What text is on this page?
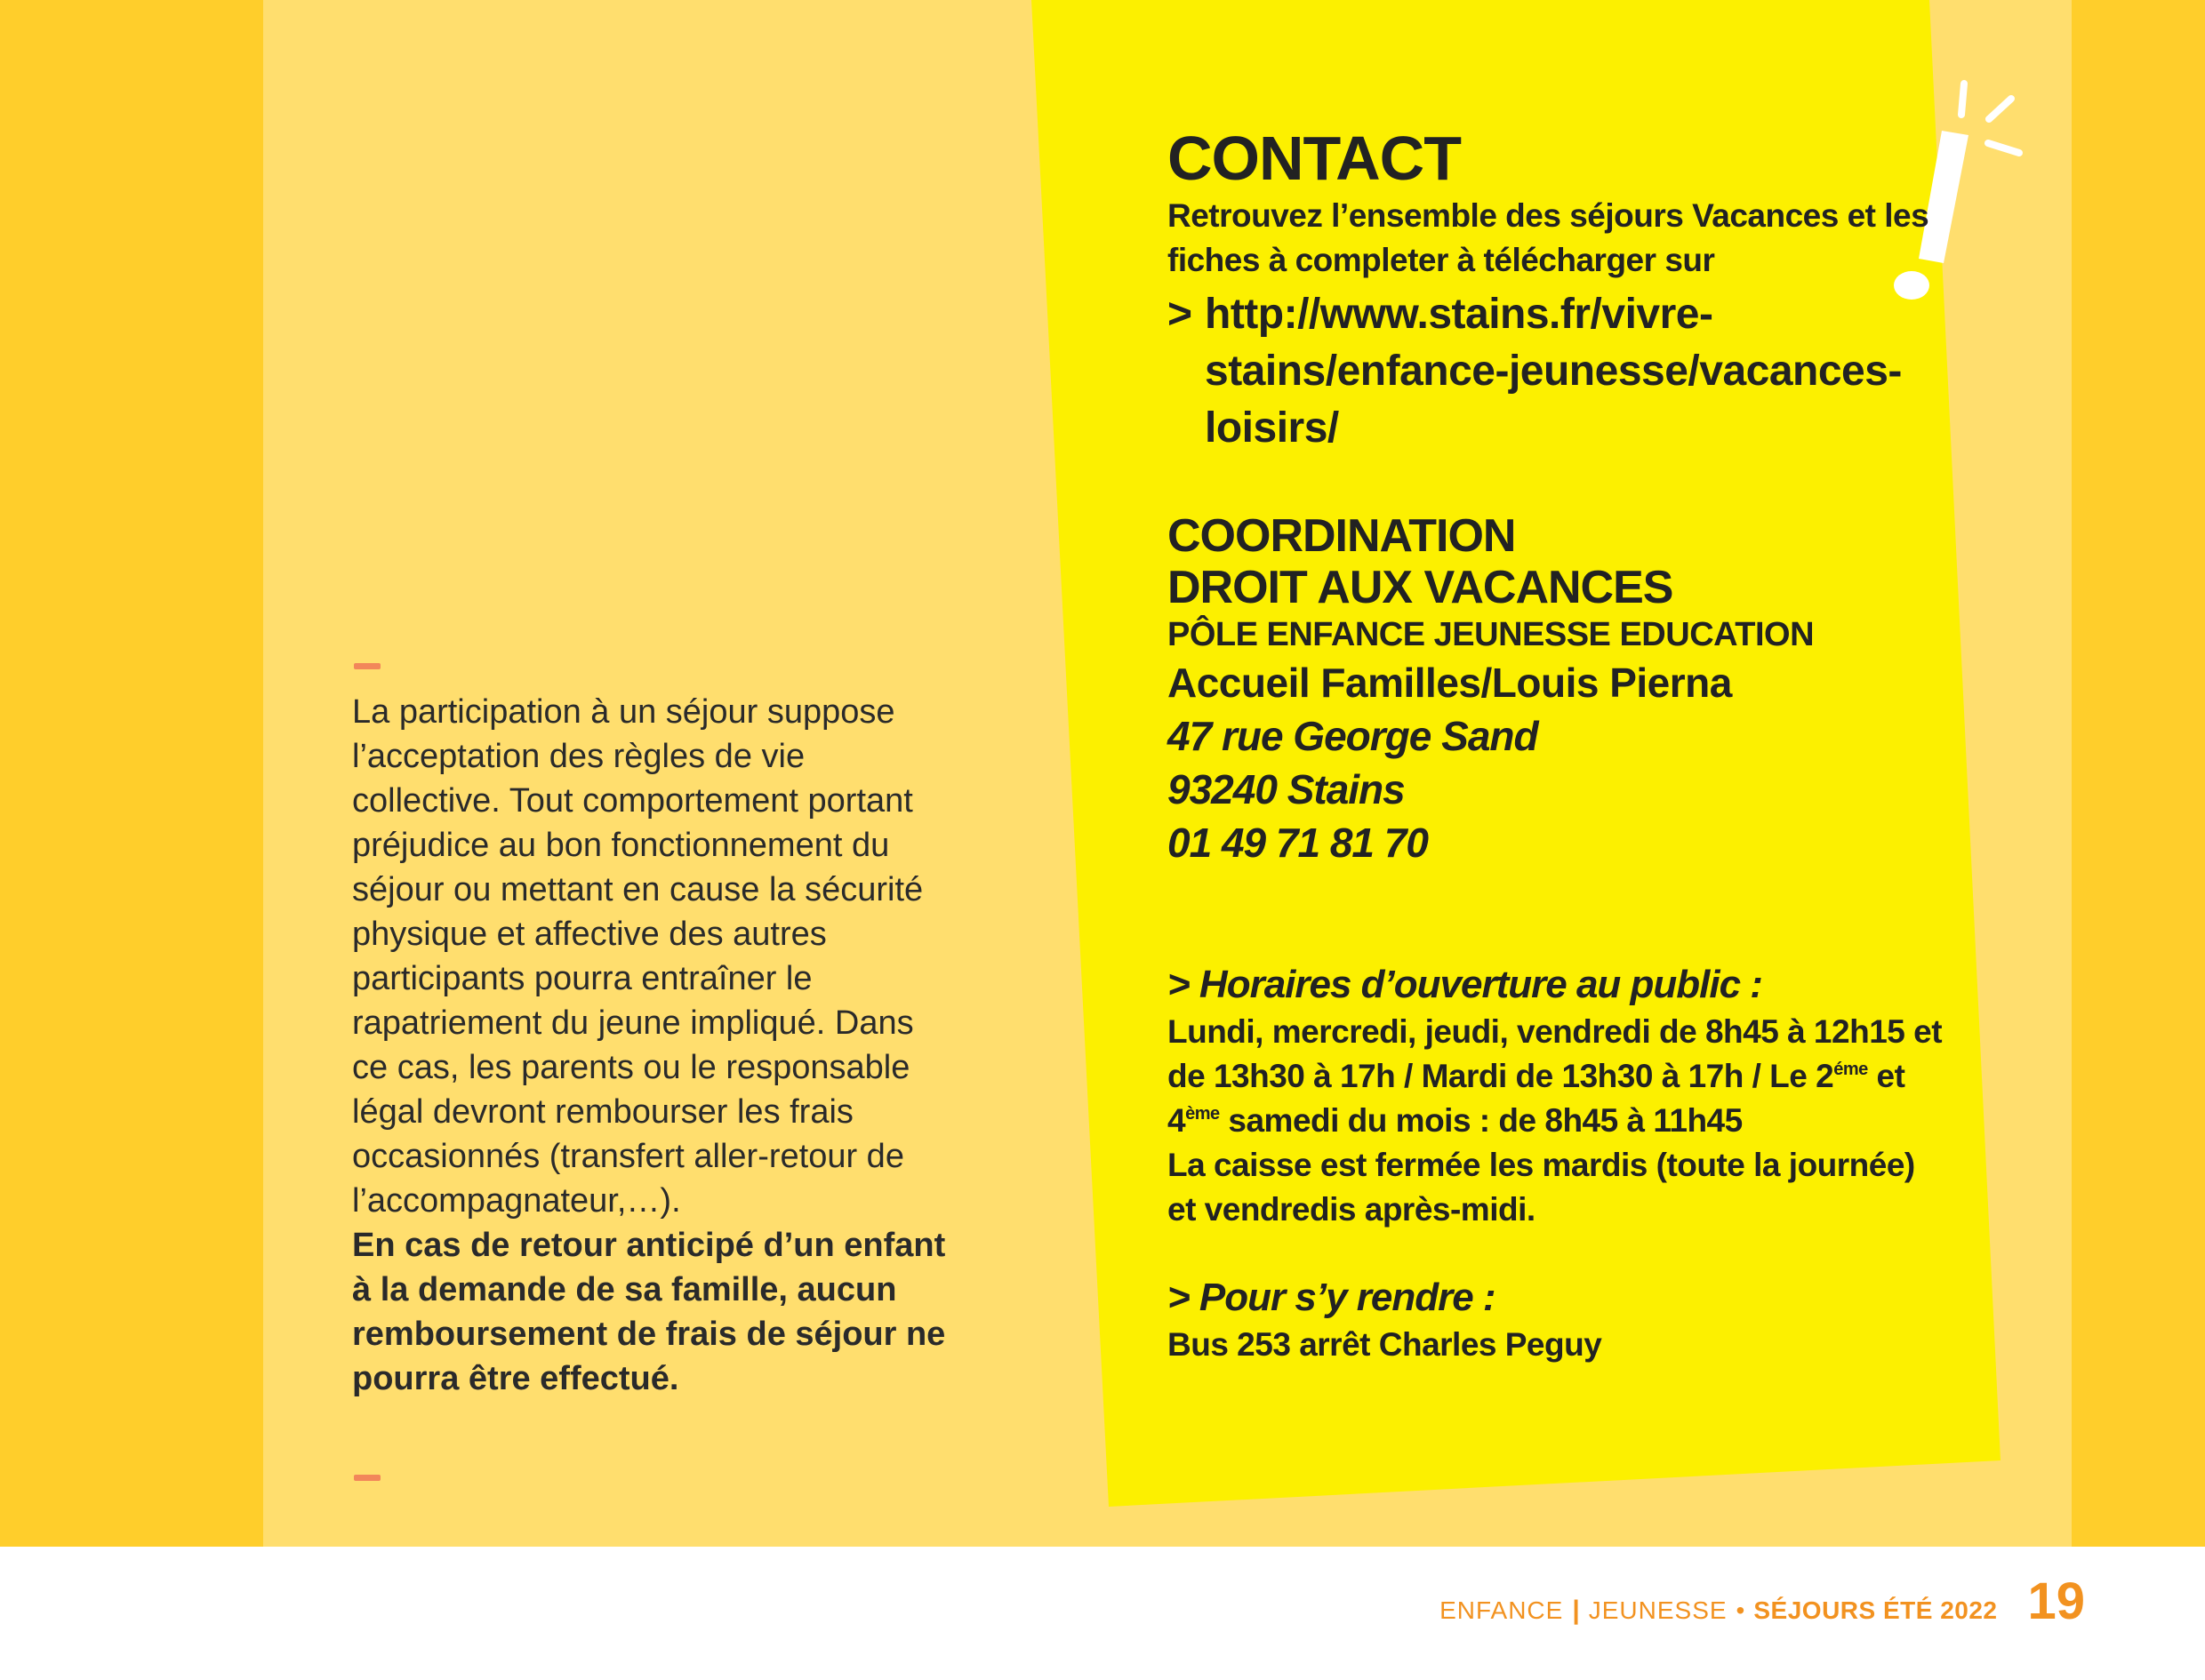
La participation à un séjour suppose l’acceptation des règles de vie collective. Tout comportement portant préjudice au bon fonctionnement du séjour ou mettant en cause la sécurité physique et affective des autres participants pourra entraîner le rapatriement du jeune impliqué. Dans ce cas, les parents ou le responsable légal devront rembourser les frais occasionnés (transfert aller-retour de l’accompagnateur,…).

En cas de retour anticipé d’un enfant à la demande de sa famille, aucun remboursement de frais de séjour ne pourra être effectué.

CONTACT

Retrouvez l’ensemble des séjours Vacances et les fiches à completer à télécharger sur

> http://www.stains.fr/vivre-stains/enfance-jeunesse/vacances-loisirs/

COORDINATION
DROIT AUX VACANCES

PÔLE ENFANCE JEUNESSE EDUCATION

Accueil Familles/Louis Pierna

47 rue George Sand

93240 Stains

01 49 71 81 70

> Horaires d’ouverture au public :

Lundi, mercredi, jeudi, vendredi de 8h45 à 12h15 et de 13h30 à 17h / Mardi de 13h30 à 17h / Le $2^{éme}$ et 4ème samedi du mois : de 8h45 à 11h45

La caisse est fermée les mardis (toute la journée) et vendredis après-midi.

> Pour s’y rendre :

Bus 253 arrêt Charles Peguy

ENFANCE | JEUNESSE • SÉJOURS ÉTÉ 2022 19
